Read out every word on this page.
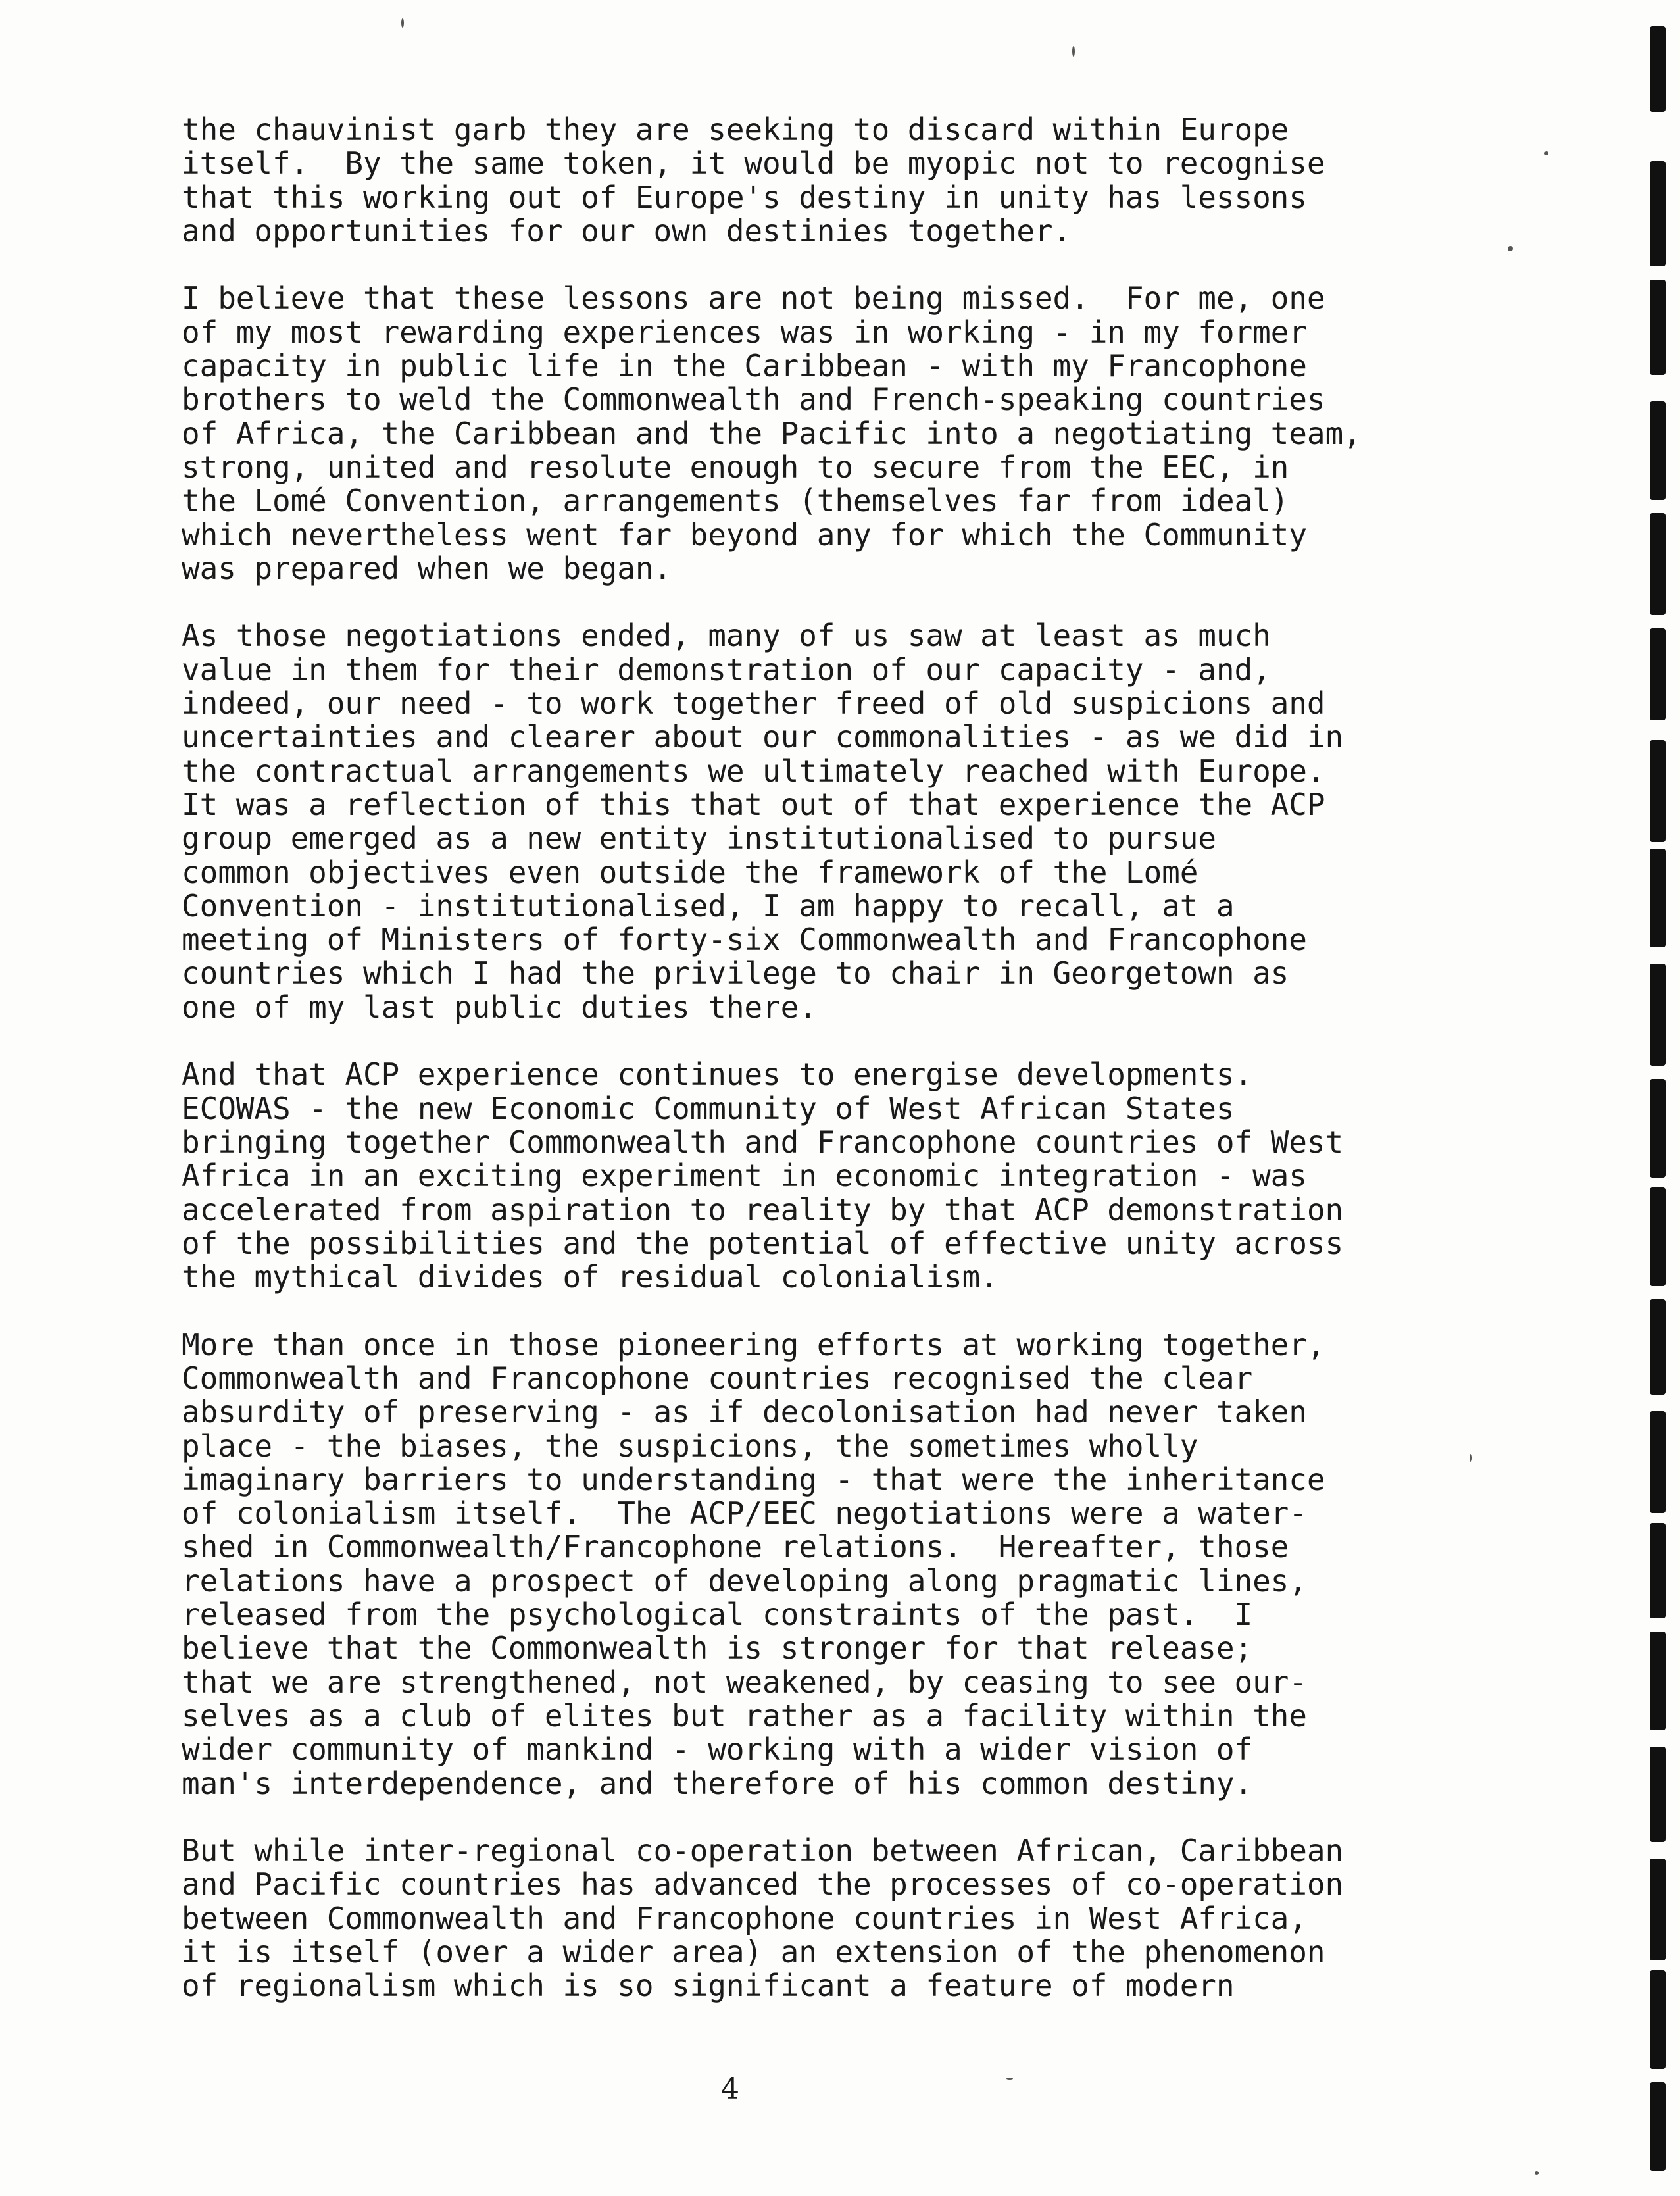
the chauvinist garb they are seeking to discard within Europe
itself.  By the same token, it would be myopic not to recognise
that this working out of Europe's destiny in unity has lessons
and opportunities for our own destinies together.
I believe that these lessons are not being missed.  For me, one
of my most rewarding experiences was in working - in my former
capacity in public life in the Caribbean - with my Francophone
brothers to weld the Commonwealth and French-speaking countries
of Africa, the Caribbean and the Pacific into a negotiating team,
strong, united and resolute enough to secure from the EEC, in
the Lomé Convention, arrangements (themselves far from ideal)
which nevertheless went far beyond any for which the Community
was prepared when we began.
As those negotiations ended, many of us saw at least as much
value in them for their demonstration of our capacity - and,
indeed, our need - to work together freed of old suspicions and
uncertainties and clearer about our commonalities - as we did in
the contractual arrangements we ultimately reached with Europe.
It was a reflection of this that out of that experience the ACP
group emerged as a new entity institutionalised to pursue
common objectives even outside the framework of the Lomé
Convention - institutionalised, I am happy to recall, at a
meeting of Ministers of forty-six Commonwealth and Francophone
countries which I had the privilege to chair in Georgetown as
one of my last public duties there.
And that ACP experience continues to energise developments.
ECOWAS - the new Economic Community of West African States
bringing together Commonwealth and Francophone countries of West
Africa in an exciting experiment in economic integration - was
accelerated from aspiration to reality by that ACP demonstration
of the possibilities and the potential of effective unity across
the mythical divides of residual colonialism.
More than once in those pioneering efforts at working together,
Commonwealth and Francophone countries recognised the clear
absurdity of preserving - as if decolonisation had never taken
place - the biases, the suspicions, the sometimes wholly
imaginary barriers to understanding - that were the inheritance
of colonialism itself.  The ACP/EEC negotiations were a water-
shed in Commonwealth/Francophone relations.  Hereafter, those
relations have a prospect of developing along pragmatic lines,
released from the psychological constraints of the past.  I
believe that the Commonwealth is stronger for that release;
that we are strengthened, not weakened, by ceasing to see our-
selves as a club of elites but rather as a facility within the
wider community of mankind - working with a wider vision of
man's interdependence, and therefore of his common destiny.
But while inter-regional co-operation between African, Caribbean
and Pacific countries has advanced the processes of co-operation
between Commonwealth and Francophone countries in West Africa,
it is itself (over a wider area) an extension of the phenomenon
of regionalism which is so significant a feature of modern
4
